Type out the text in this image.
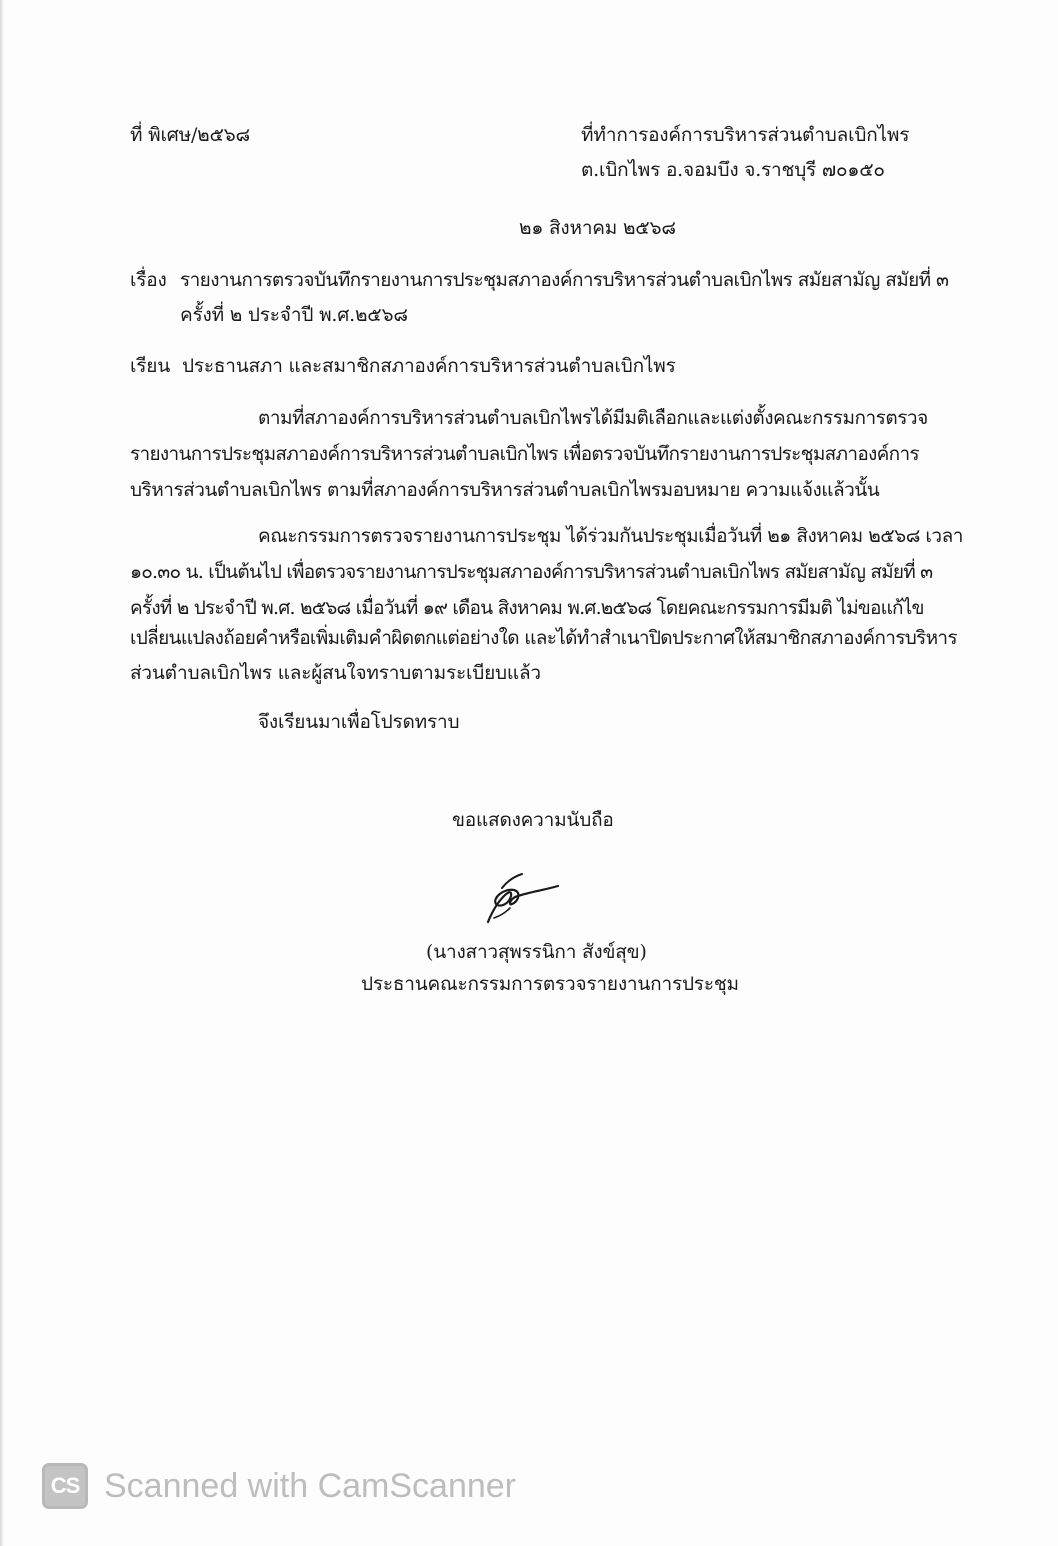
ที่ พิเศษ/๒๕๖๘	ที่ทำการองค์การบริหารส่วนตำบลเบิกไพร
ต.เบิกไพร อ.จอมบึง จ.ราชบุรี ๗๐๑๕๐
๒๑ สิงหาคม ๒๕๖๘
เรื่อง รายงานการตรวจบันทึกรายงานการประชุมสภาองค์การบริหารส่วนตำบลเบิกไพร สมัยสามัญ สมัยที่ ๓
ครั้งที่ ๒ ประจำปี พ.ศ.๒๕๖๘
เรียน ประธานสภา และสมาชิกสภาองค์การบริหารส่วนตำบลเบิกไพร
ตามที่สภาองค์การบริหารส่วนตำบลเบิกไพรได้มีมติเลือกและแต่งตั้งคณะกรรมการตรวจ
รายงานการประชุมสภาองค์การบริหารส่วนตำบลเบิกไพร เพื่อตรวจบันทึกรายงานการประชุมสภาองค์การ
บริหารส่วนตำบลเบิกไพร ตามที่สภาองค์การบริหารส่วนตำบลเบิกไพรมอบหมาย ความแจ้งแล้วนั้น
คณะกรรมการตรวจรายงานการประชุม ได้ร่วมกันประชุมเมื่อวันที่ ๒๑ สิงหาคม ๒๕๖๘ เวลา
๑๐.๓๐ น. เป็นต้นไป เพื่อตรวจรายงานการประชุมสภาองค์การบริหารส่วนตำบลเบิกไพร สมัยสามัญ สมัยที่ ๓
ครั้งที่ ๒ ประจำปี พ.ศ. ๒๕๖๘ เมื่อวันที่ ๑๙ เดือน สิงหาคม พ.ศ.๒๕๖๘ โดยคณะกรรมการมีมติ ไม่ขอแก้ไข
เปลี่ยนแปลงถ้อยคำหรือเพิ่มเติมคำผิดตกแต่อย่างใด และได้ทำสำเนาปิดประกาศให้สมาชิกสภาองค์การบริหาร
ส่วนตำบลเบิกไพร และผู้สนใจทราบตามระเบียบแล้ว
จึงเรียนมาเพื่อโปรดทราบ
ขอแสดงความนับถือ
(นางสาวสุพรรนิกา สังข์สุข)
ประธานคณะกรรมการตรวจรายงานการประชุม
CS Scanned with CamScanner
